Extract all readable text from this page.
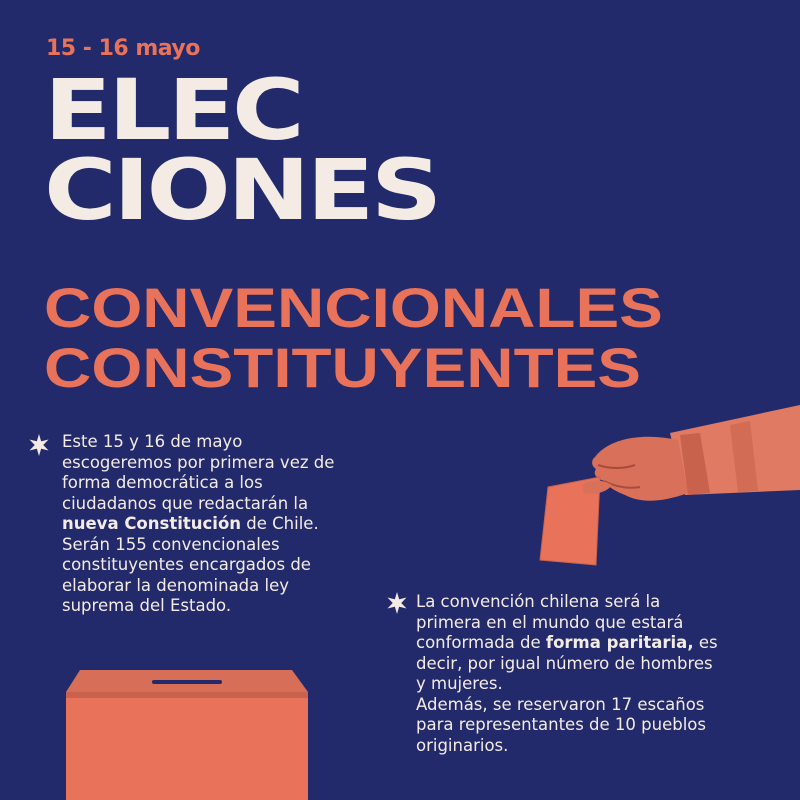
15 - 16 mayo
ELEC
CIONES
CONVENCIONALES
CONSTITUYENTES
Este 15 y 16 de mayo
escogeremos por primera vez de
forma democrática a los
ciudadanos que redactarán la
nueva Constitución de Chile.
Serán 155 convencionales
constituyentes encargados de
elaborar la denominada ley
suprema del Estado.	La convención chilena será la
primera en el mundo que estará
conformada de forma paritaria, es
decir, por igual número de hombres
y mujeres.
Además, se reservaron 17 escaños
para representantes de 10 pueblos
originarios.
